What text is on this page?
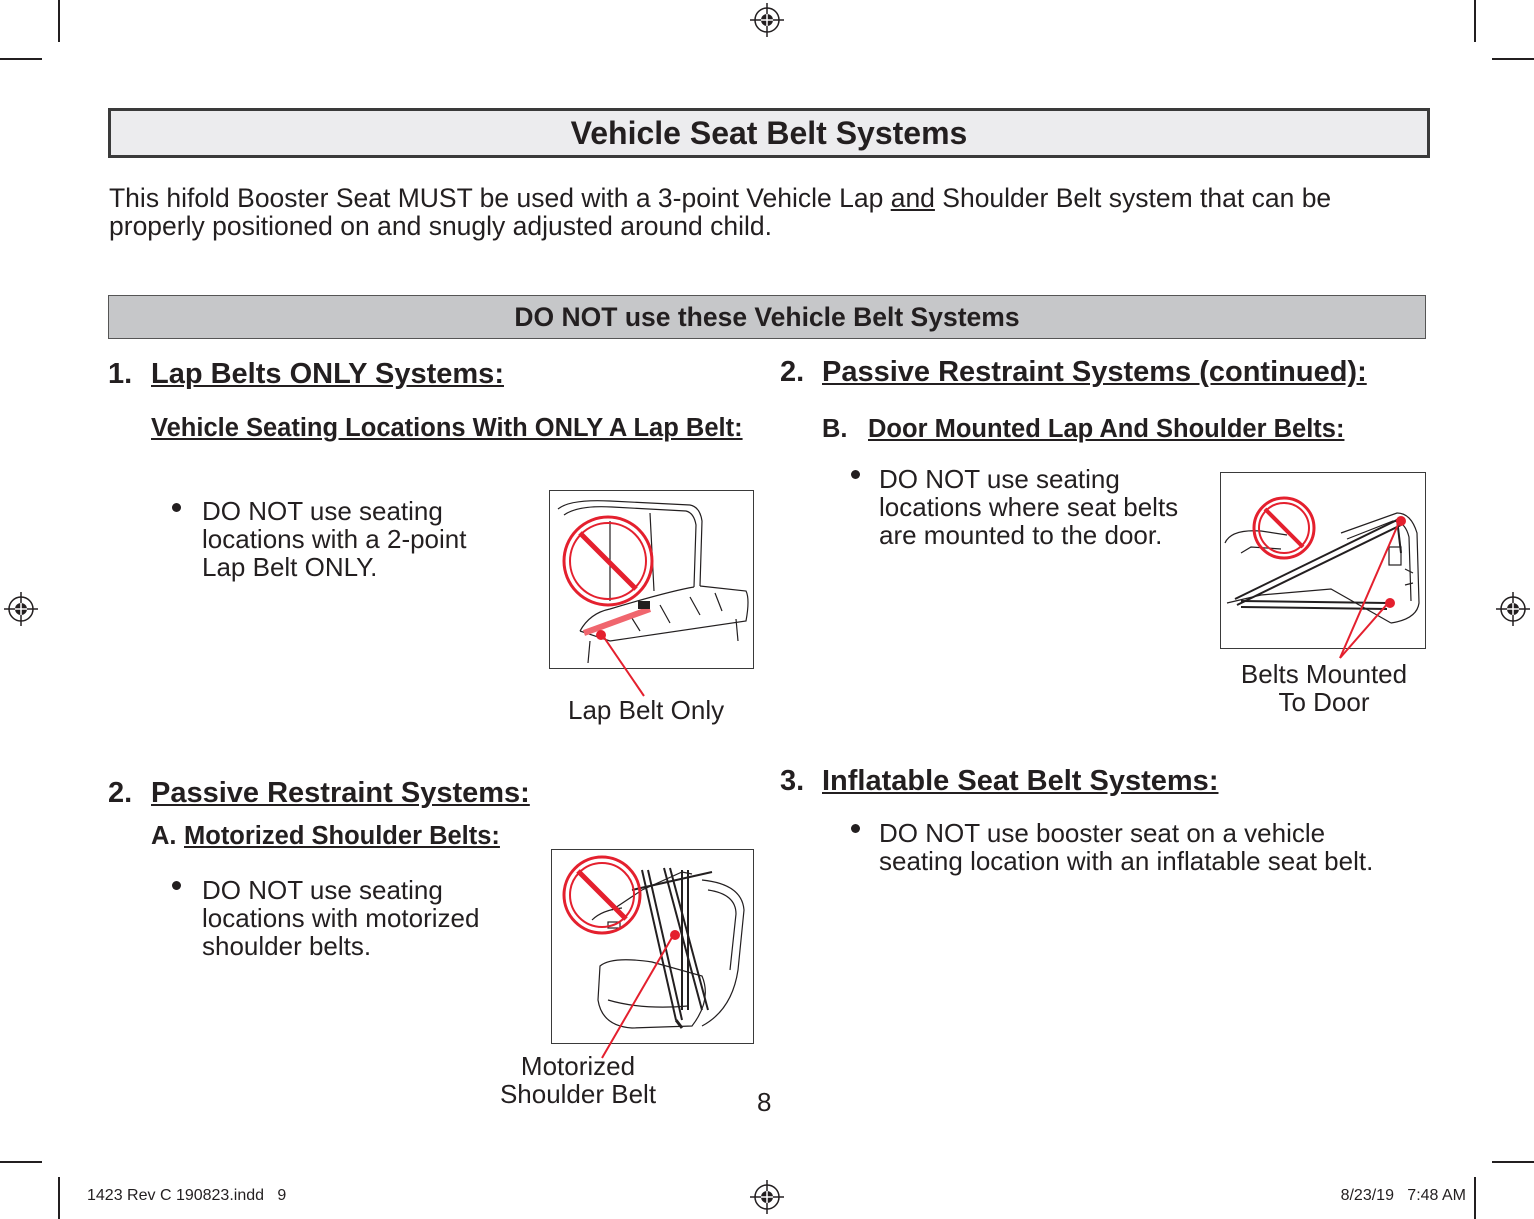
Vehicle Seat Belt Systems
This hifold Booster Seat MUST be used with a 3-point Vehicle Lap and Shoulder Belt system that can be properly positioned on and snugly adjusted around child.
DO NOT use these Vehicle Belt Systems
1. Lap Belts ONLY Systems:
Vehicle Seating Locations With ONLY A Lap Belt:
DO NOT use seating
locations with a 2-point
Lap Belt ONLY.
Lap Belt Only
2. Passive Restraint Systems:
A. Motorized Shoulder Belts:
DO NOT use seating
locations with motorized
shoulder belts.
Motorized
Shoulder Belt
2. Passive Restraint Systems (continued):
B. Door Mounted Lap And Shoulder Belts:
DO NOT use seating
locations where seat belts
are mounted to the door.
Belts Mounted
To Door
3. Inflatable Seat Belt Systems:
DO NOT use booster seat on a vehicle
seating location with an inflatable seat belt.
8
1423 Rev C 190823.indd   9	8/23/19   7:48 AM
